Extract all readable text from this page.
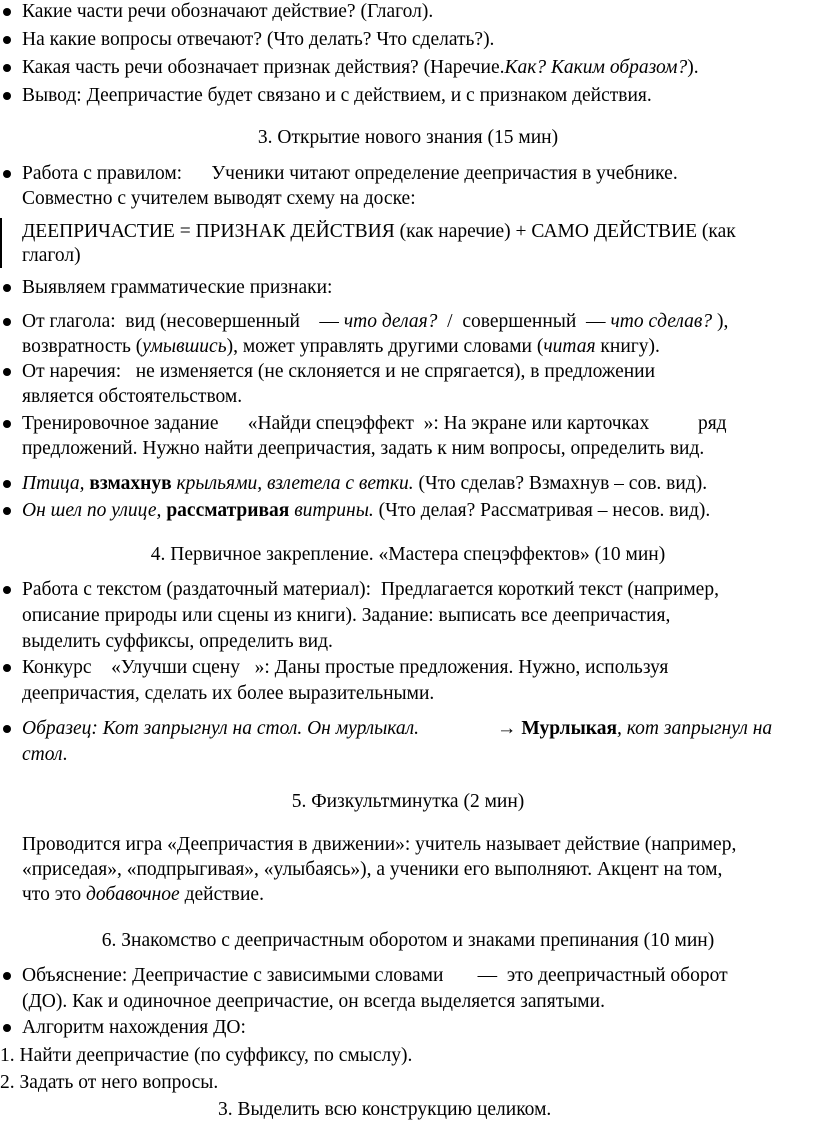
Какие части речи обозначают действие? (Глагол).
На какие вопросы отвечают? (Что делать? Что сделать?).
Какая часть речи обозначает признак действия? (Наречие.Как? Каким образом?).
Вывод: Деепричастие будет связано и с действием, и с признаком действия.
3. Открытие нового знания (15 мин)
Работа с правилом:      Ученики читают определение деепричастия в учебнике.
Совместно с учителем выводят схему на доске:
ДЕЕПРИЧАСТИЕ = ПРИЗНАК ДЕЙСТВИЯ (как наречие) + САМО ДЕЙСТВИЕ (как
глагол)
Выявляем грамматические признаки:
От глагола:  вид (несовершенный    — что делая?  /  совершенный  — что сделав? ),
возвратность (умывшись), может управлять другими словами (читая книгу).
От наречия:   не изменяется (не склоняется и не спрягается), в предложении
является обстоятельством.
Тренировочное задание      «Найди спецэффект  »: На экране или карточках          ряд
предложений. Нужно найти деепричастия, задать к ним вопросы, определить вид.
Птица, взмахнув крыльями, взлетела с ветки. (Что сделав? Взмахнув – сов. вид).
Он шел по улице, рассматривая витрины. (Что делая? Рассматривая – несов. вид).
4. Первичное закрепление. «Мастера спецэффектов» (10 мин)
Работа с текстом (раздаточный материал):  Предлагается короткий текст (например,
описание природы или сцены из книги). Задание: выписать все деепричастия,
выделить суффиксы, определить вид.
Конкурс    «Улучши сцену   »: Даны простые предложения. Нужно, используя
деепричастия, сделать их более выразительными.
Образец: Кот запрыгнул на стол. Он мурлыкал.	→ Мурлыкая, кот запрыгнул на
стол.
5. Физкультминутка (2 мин)
Проводится игра «Деепричастия в движении»: учитель называет действие (например,
«приседая», «подпрыгивая», «улыбаясь»), а ученики его выполняют. Акцент на том,
что это добавочное действие.
6. Знакомство с деепричастным оборотом и знаками препинания (10 мин)
Объяснение: Деепричастие с зависимыми словами       —  это деепричастный оборот
(ДО). Как и одиночное деепричастие, он всегда выделяется запятыми.
Алгоритм нахождения ДО:
1. Найти деепричастие (по суффиксу, по смыслу).
2. Задать от него вопросы.
3. Выделить всю конструкцию целиком.
